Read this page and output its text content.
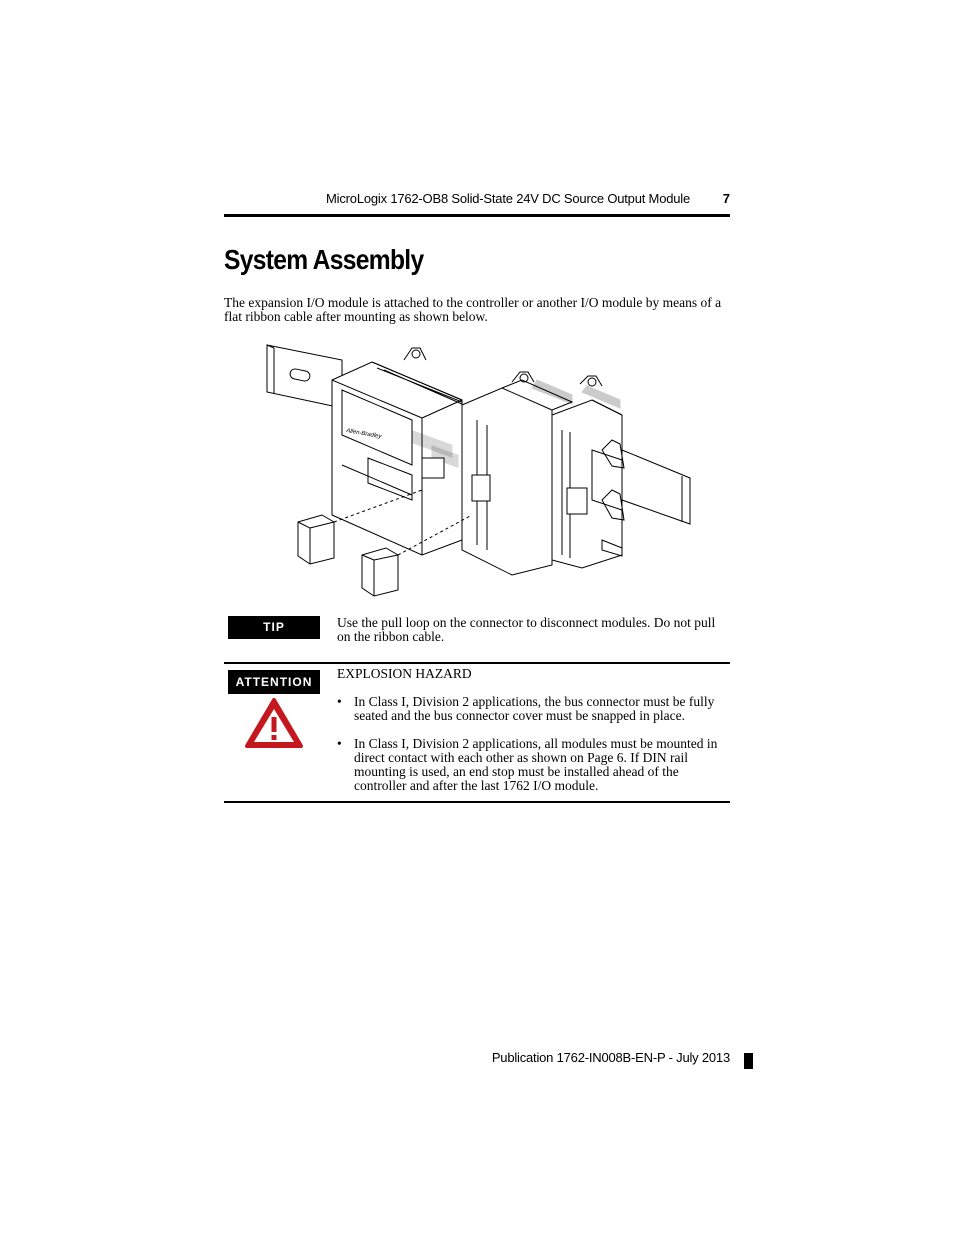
MicroLogix 1762-OB8 Solid-State 24V DC Source Output Module	7
System Assembly
The expansion I/O module is attached to the controller or another I/O module by means of a flat ribbon cable after mounting as shown below.
Allen-Bradley
TIP	Use the pull loop on the connector to disconnect modules. Do not pull on the ribbon cable.
ATTENTION
EXPLOSION HAZARD
• In Class I, Division 2 applications, the bus connector must be fully seated and the bus connector cover must be snapped in place.
• In Class I, Division 2 applications, all modules must be mounted in direct contact with each other as shown on Page 6. If DIN rail mounting is used, an end stop must be installed ahead of the controller and after the last 1762 I/O module.
Publication 1762-IN008B-EN-P - July 2013
